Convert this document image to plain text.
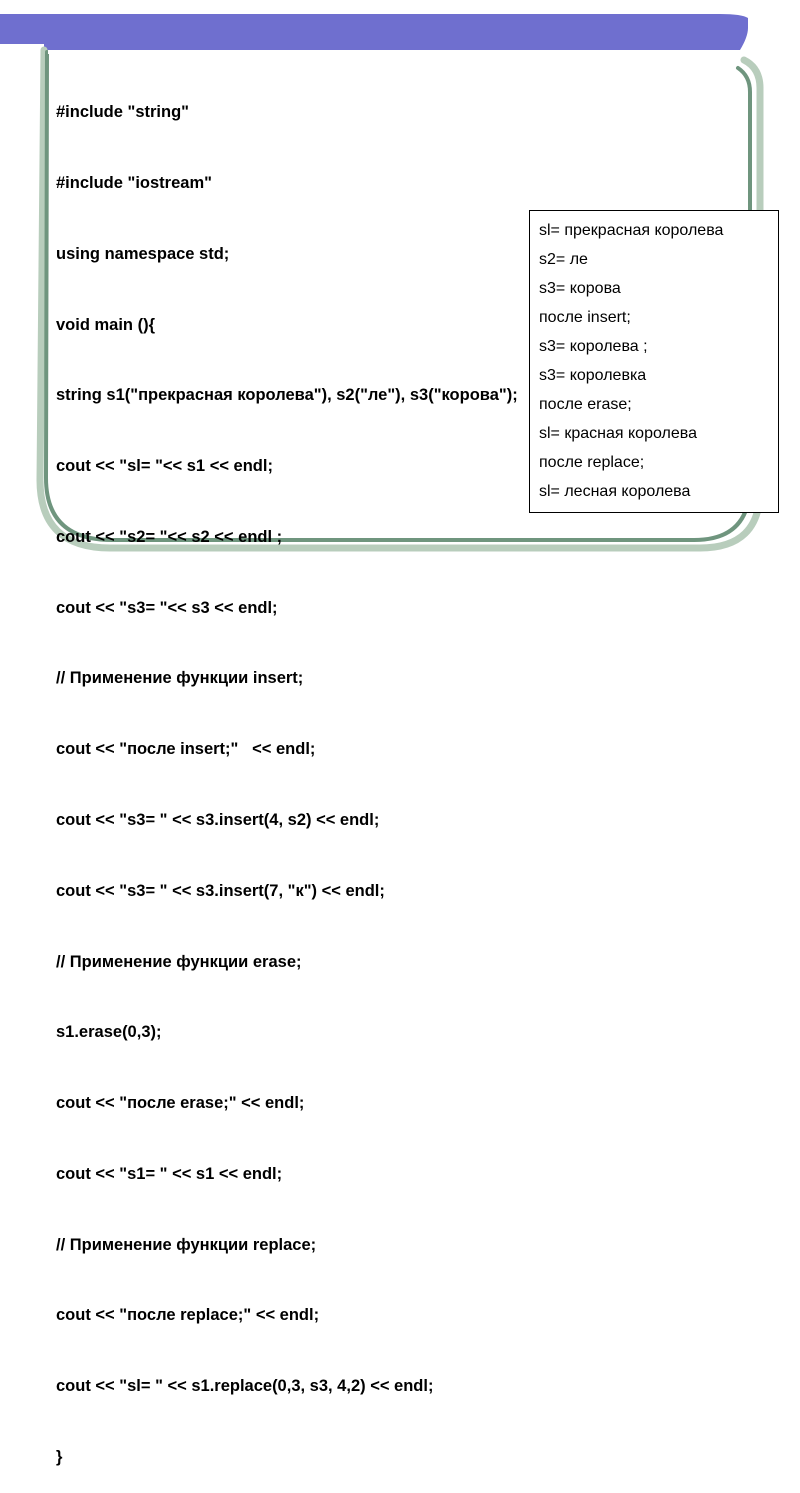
#include "string"

#include "iostream"

using namespace std;

void main (){

string s1("прекрасная королева"), s2("ле"), s3("корова");

cout << "sl= "<< s1 << endl;

cout << "s2= "<< s2 << endl ;

cout << "s3= "<< s3 << endl;

// Применение функции insert;

cout << "после insert;"   << endl;

cout << "s3= " << s3.insert(4, s2) << endl;

cout << "s3= " << s3.insert(7, "к") << endl;

// Применение функции erase;

s1.erase(0,3);

cout << "после erase;" << endl;

cout << "s1= " << s1 << endl;

// Применение функции replace;

cout << "после replace;" << endl;

cout << "sl= " << s1.replace(0,3, s3, 4,2) << endl;

}

sl= прекрасная королева
s2= ле
s3= корова
после insert;
s3= королева ;
s3= королевка
после erase;
sl= красная королева
после replace;
sl= лесная королева
